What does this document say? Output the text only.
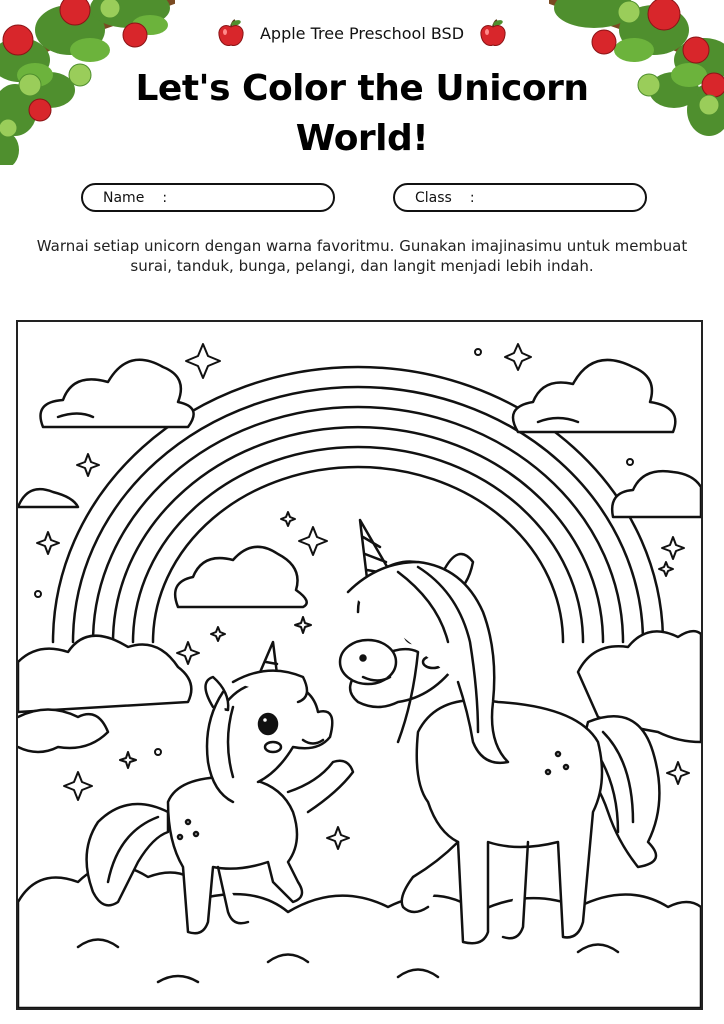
Apple Tree Preschool BSD
Let's Color the Unicorn
World!
Name :	Class :
Warnai setiap unicorn dengan warna favoritmu. Gunakan imajinasimu untuk membuat surai, tanduk, bunga, pelangi, dan langit menjadi lebih indah.
